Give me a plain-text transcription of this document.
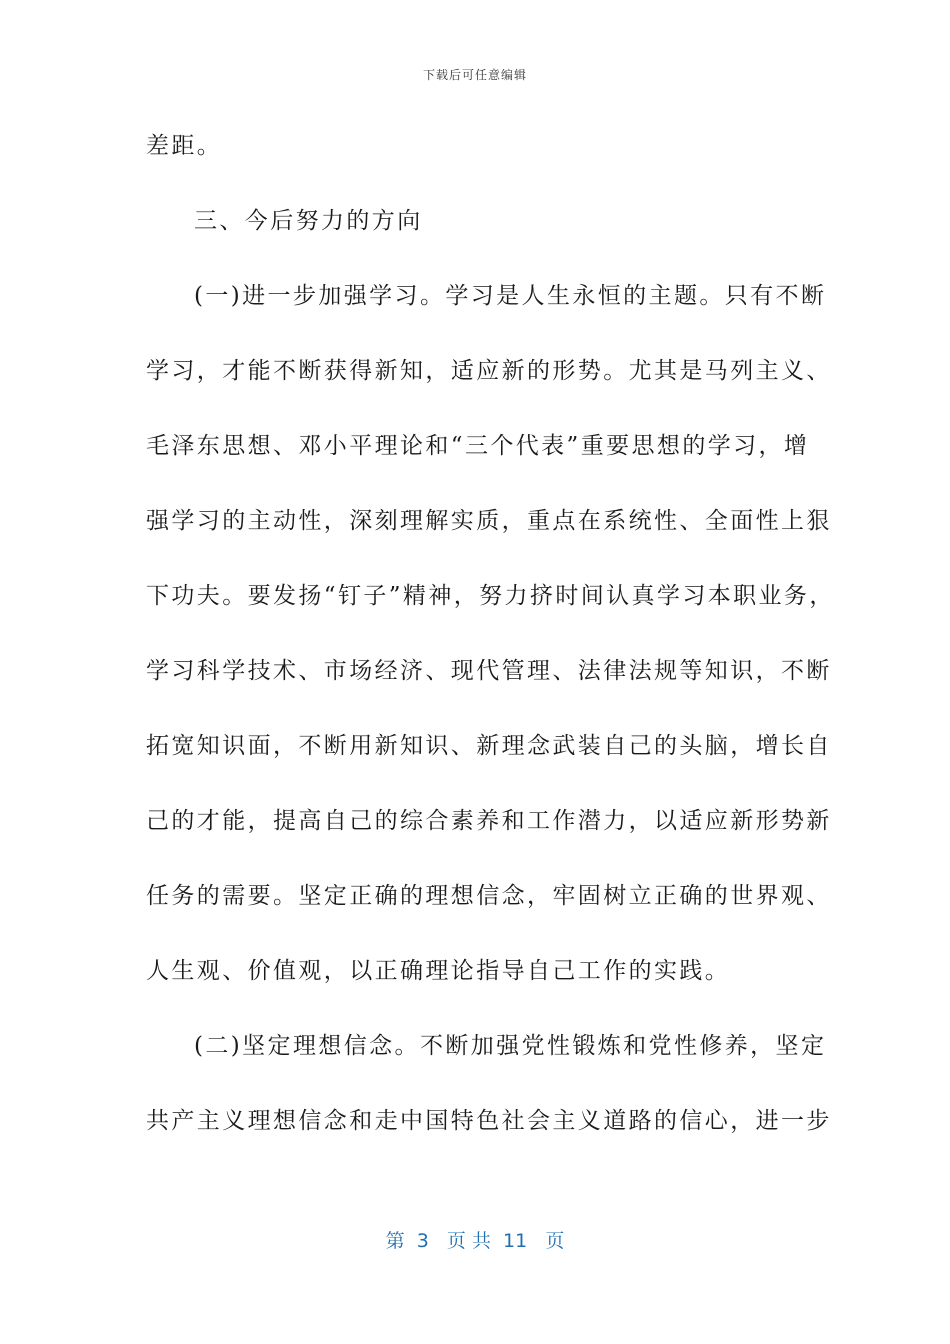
下载后可任意编辑
差距。
三、今后努力的方向
(一)进一步加强学习。学习是人生永恒的主题。只有不断
学习，才能不断获得新知，适应新的形势。尤其是马列主义、
毛泽东思想、邓小平理论和“三个代表”重要思想的学习，增
强学习的主动性，深刻理解实质，重点在系统性、全面性上狠
下功夫。要发扬“钉子”精神，努力挤时间认真学习本职业务，
学习科学技术、市场经济、现代管理、法律法规等知识，不断
拓宽知识面，不断用新知识、新理念武装自己的头脑，增长自
己的才能，提高自己的综合素养和工作潜力，以适应新形势新
任务的需要。坚定正确的理想信念，牢固树立正确的世界观、
人生观、价值观，以正确理论指导自己工作的实践。
(二)坚定理想信念。不断加强党性锻炼和党性修养，坚定
共产主义理想信念和走中国特色社会主义道路的信心，进一步
第  3   页 共  11   页
